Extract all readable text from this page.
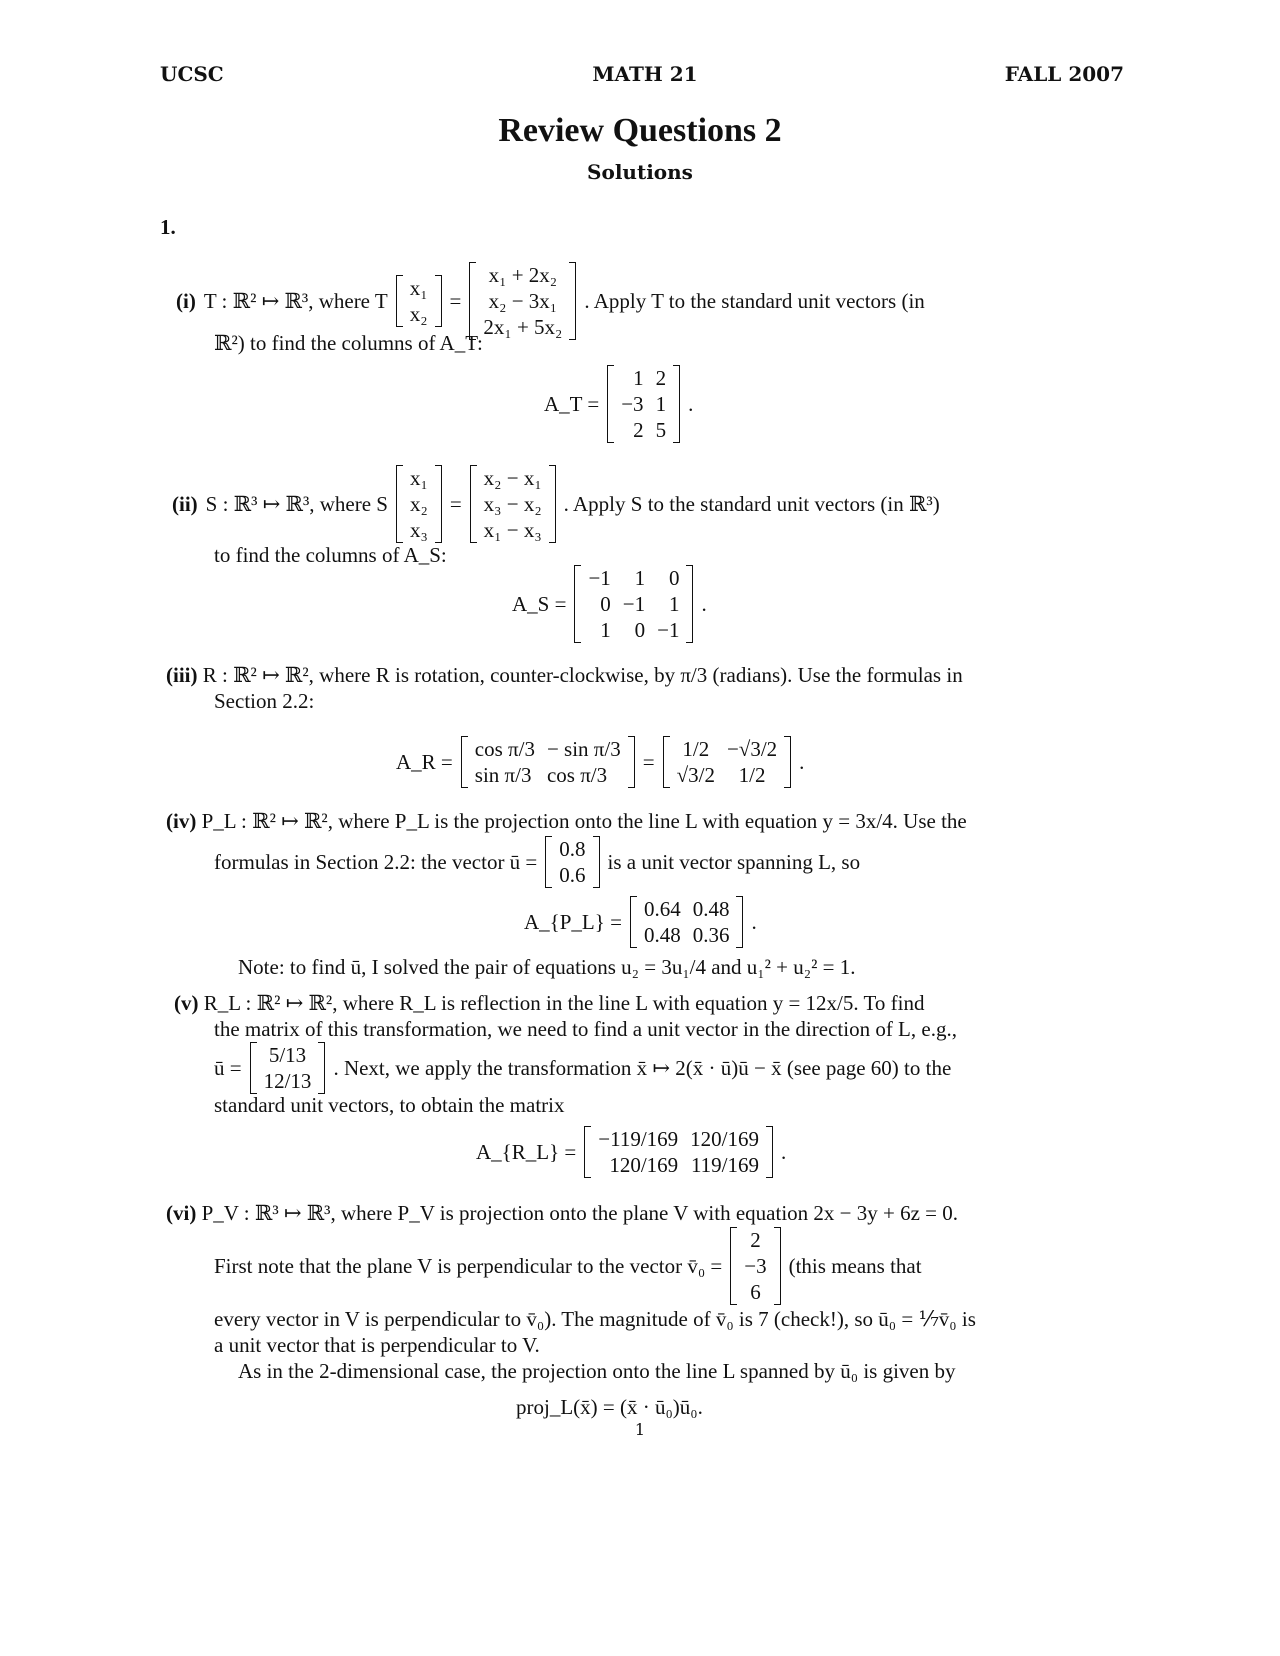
UCSC	MATH 21	FALL 2007
Review Questions 2
Solutions
1.
(i) T : ℝ² ↦ ℝ³, where T
x₁
x₂
=
x₁ + 2x₂
x₂ − 3x₁
2x₁ + 5x₂
. Apply T to the standard unit vectors (in
ℝ²) to find the columns of A_T:
A_T =
1	2
−3	1
2	5
.
(ii) S : ℝ³ ↦ ℝ³, where S
x₁
x₂
x₃
=
x₂ − x₁
x₃ − x₂
x₁ − x₃
. Apply S to the standard unit vectors (in ℝ³)
to find the columns of A_S:
A_S =
−1	1	0
0	−1	1
1	0	−1
.
(iii) R : ℝ² ↦ ℝ², where R is rotation, counter-clockwise, by π/3 (radians). Use the formulas in
Section 2.2:
A_R =
cos π/3	− sin π/3
sin π/3	cos π/3
=
1/2	−√3/2
√3/2	1/2
.
(iv) P_L : ℝ² ↦ ℝ², where P_L is the projection onto the line L with equation y = 3x/4. Use the
formulas in Section 2.2: the vector ū =
0.8
0.6
is a unit vector spanning L, so
A_{P_L} =
0.64	0.48
0.48	0.36
.
Note: to find ū, I solved the pair of equations u₂ = 3u₁/4 and u₁² + u₂² = 1.
(v) R_L : ℝ² ↦ ℝ², where R_L is reflection in the line L with equation y = 12x/5. To find
the matrix of this transformation, we need to find a unit vector in the direction of L, e.g.,
ū =
5/13
12/13
. Next, we apply the transformation x̄ ↦ 2(x̄ · ū)ū − x̄ (see page 60) to the
standard unit vectors, to obtain the matrix
A_{R_L} =
−119/169	120/169
120/169	119/169
.
(vi) P_V : ℝ³ ↦ ℝ³, where P_V is projection onto the plane V with equation 2x − 3y + 6z = 0.
First note that the plane V is perpendicular to the vector v̄₀ =
2
−3
6
(this means that
every vector in V is perpendicular to v̄₀). The magnitude of v̄₀ is 7 (check!), so ū₀ = ⅐v̄₀ is
a unit vector that is perpendicular to V.
As in the 2-dimensional case, the projection onto the line L spanned by ū₀ is given by
proj_L(x̄) = (x̄ · ū₀)ū₀.
1
